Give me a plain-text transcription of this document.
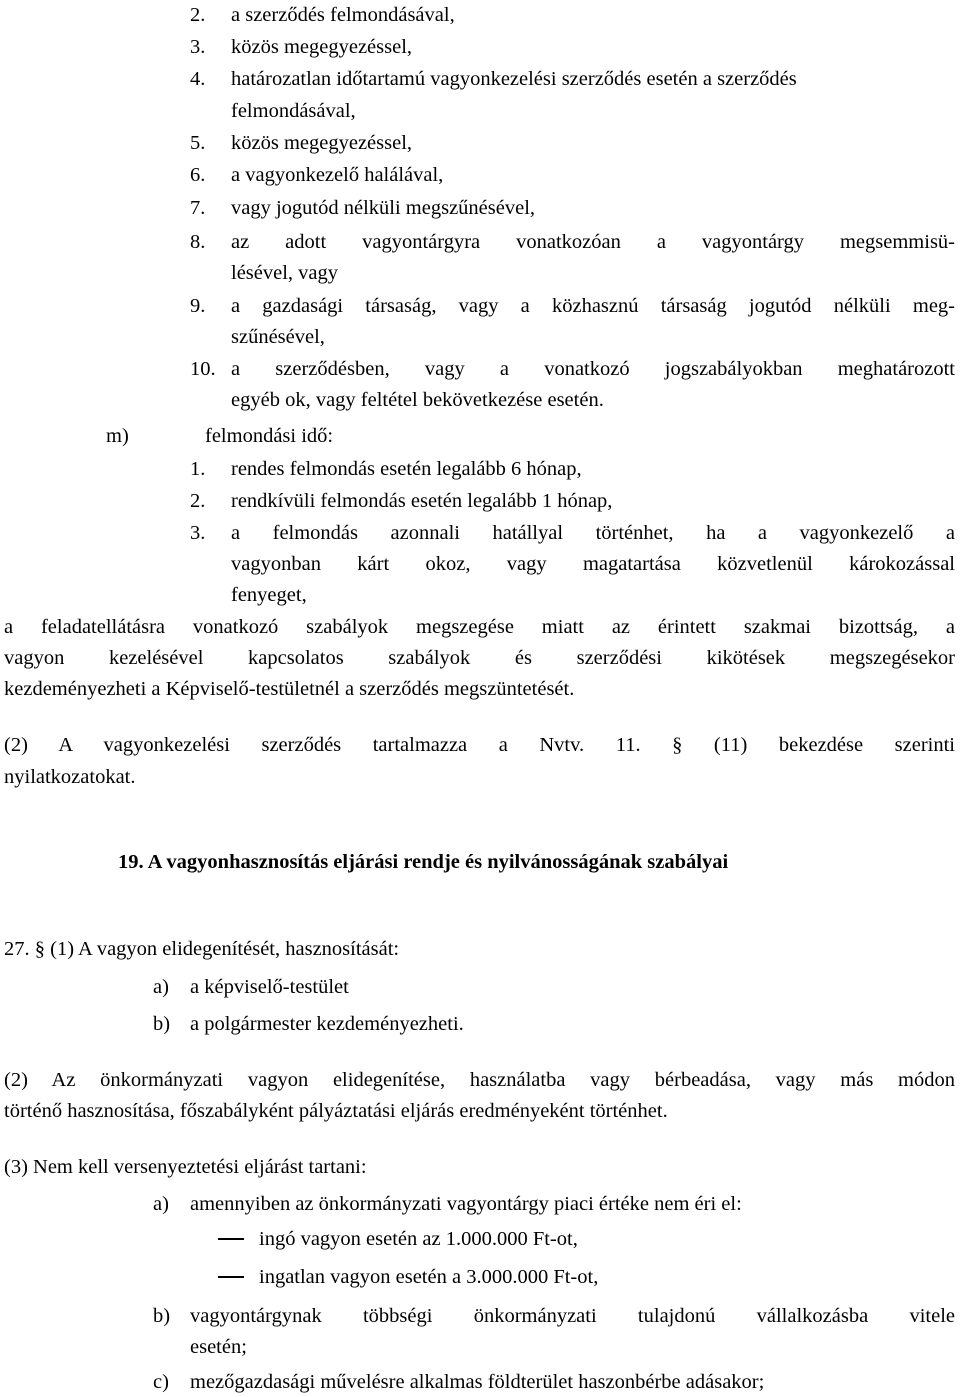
2. a szerződés felmondásával,
3. közös megegyezéssel,
4. határozatlan időtartamú vagyonkezelési szerződés esetén a szerződés
felmondásával,
5. közös megegyezéssel,
6. a vagyonkezelő halálával,
7. vagy jogutód nélküli megszűnésével,
8. az adott vagyontárgyra vonatkozóan a vagyontárgy megsemmisü-
lésével, vagy
9. a gazdasági társaság, vagy a közhasznú társaság jogutód nélküli meg-
szűnésével,
10. a szerződésben, vagy a vonatkozó jogszabályokban meghatározott
egyéb ok, vagy feltétel bekövetkezése esetén.
m)	felmondási idő:
1. rendes felmondás esetén legalább 6 hónap,
2. rendkívüli felmondás esetén legalább 1 hónap,
3. a felmondás azonnali hatállyal történhet, ha a vagyonkezelő a
vagyonban kárt okoz, vagy magatartása közvetlenül károkozással
fenyeget,
a feladatellátásra vonatkozó szabályok megszegése miatt az érintett szakmai bizottság, a
vagyon kezelésével kapcsolatos szabályok és szerződési kikötések megszegésekor
kezdeményezheti a Képviselő-testületnél a szerződés megszüntetését.
(2) A vagyonkezelési szerződés tartalmazza a Nvtv. 11. § (11) bekezdése szerinti
nyilatkozatokat.
19. A vagyonhasznosítás eljárási rendje és nyilvánosságának szabályai
27. § (1) A vagyon elidegenítését, hasznosítását:
a) a képviselő-testület
b) a polgármester kezdeményezheti.
(2) Az önkormányzati vagyon elidegenítése, használatba vagy bérbeadása, vagy más módon
történő hasznosítása, főszabályként pályáztatási eljárás eredményeként történhet.
(3) Nem kell versenyeztetési eljárást tartani:
a) amennyiben az önkormányzati vagyontárgy piaci értéke nem éri el:
ingó vagyon esetén az 1.000.000 Ft-ot,
ingatlan vagyon esetén a 3.000.000 Ft-ot,
b) vagyontárgynak többségi önkormányzati tulajdonú vállalkozásba vitele
esetén;
c) mezőgazdasági művelésre alkalmas földterület haszonbérbe adásakor;
